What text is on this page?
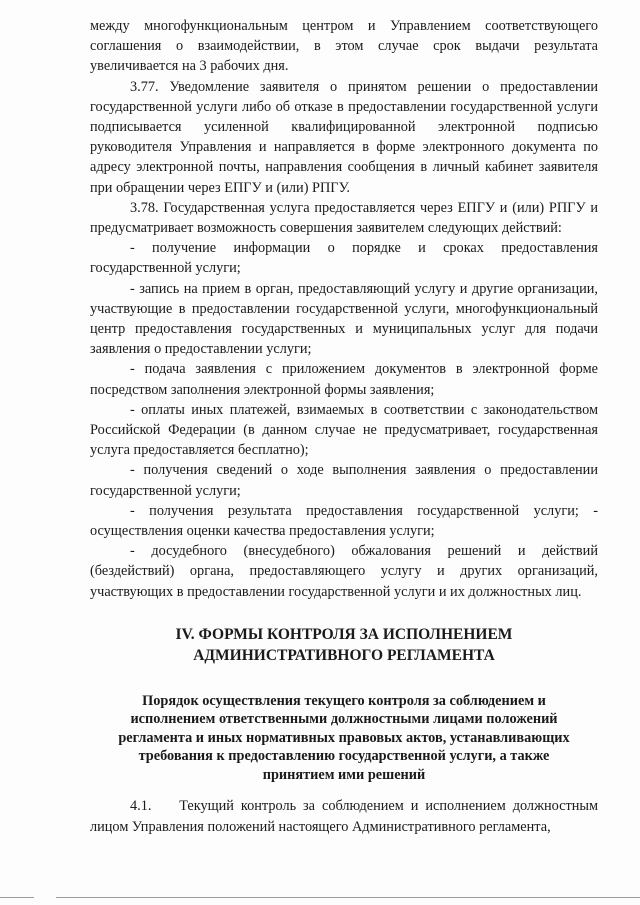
между многофункциональным центром и Управлением соответствующего соглашения о взаимодействии, в этом случае срок выдачи результата увеличивается на 3 рабочих дня.

3.77. Уведомление заявителя о принятом решении о предоставлении государственной услуги либо об отказе в предоставлении государственной услуги подписывается усиленной квалифицированной электронной подписью руководителя Управления и направляется в форме электронного документа по адресу электронной почты, направления сообщения в личный кабинет заявителя при обращении через ЕПГУ и (или) РПГУ.

3.78. Государственная услуга предоставляется через ЕПГУ и (или) РПГУ и предусматривает возможность совершения заявителем следующих действий:

- получение информации о порядке и сроках предоставления государственной услуги;

- запись на прием в орган, предоставляющий услугу и другие организации, участвующие в предоставлении государственной услуги, многофункциональный центр предоставления государственных и муниципальных услуг для подачи заявления о предоставлении услуги;

- подача заявления с приложением документов в электронной форме посредством заполнения электронной формы заявления;

- оплаты иных платежей, взимаемых в соответствии с законодательством Российской Федерации (в данном случае не предусматривает, государственная услуга предоставляется бесплатно);

- получения сведений о ходе выполнения заявления о предоставлении государственной услуги;

- получения результата предоставления государственной услуги; - осуществления оценки качества предоставления услуги;

- досудебного (внесудебного) обжалования решений и действий (бездействий) органа, предоставляющего услугу и других организаций, участвующих в предоставлении государственной услуги и их должностных лиц.

IV. ФОРМЫ КОНТРОЛЯ ЗА ИСПОЛНЕНИЕМ АДМИНИСТРАТИВНОГО РЕГЛАМЕНТА
Порядок осуществления текущего контроля за соблюдением и исполнением ответственными должностными лицами положений регламента и иных нормативных правовых актов, устанавливающих требования к предоставлению государственной услуги, а также принятием ими решений

4.1.    Текущий контроль за соблюдением и исполнением должностным лицом Управления положений настоящего Административного регламента,
